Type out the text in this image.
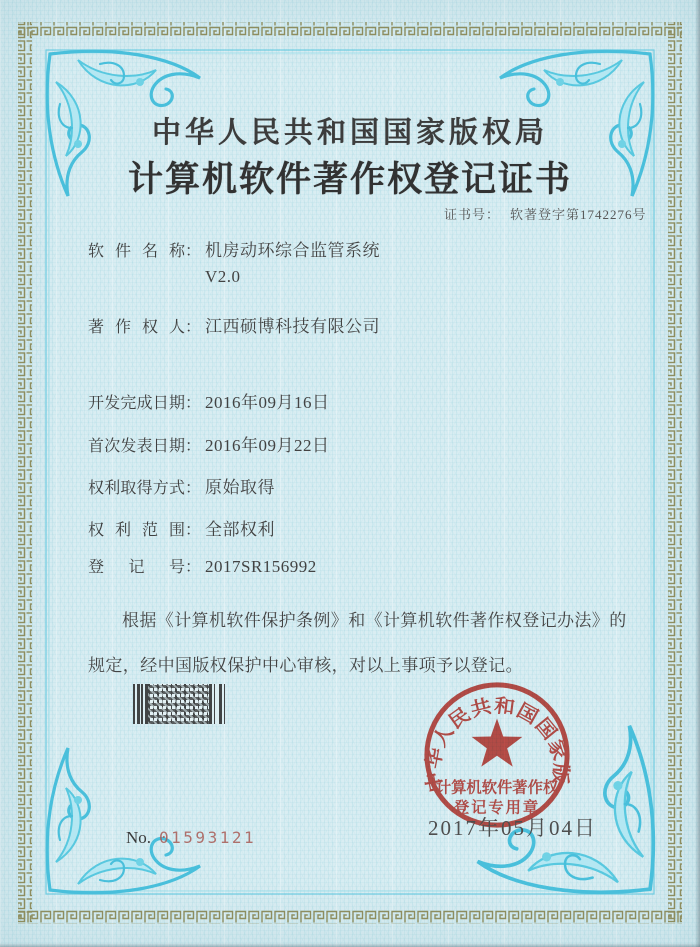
中华人民共和国国家版权局
计算机软件著作权登记证书
证书号： 软著登字第1742276号
软件名称 ： 机房动环综合监管系统
V2.0
著作权人 ： 江西硕博科技有限公司
开发完成日期 ： 2016年09月16日
首次发表日期 ： 2016年09月22日
权利取得方式 ： 原始取得
权利范围 ： 全部权利
登记号 ： 2017SR156992
根据《计算机软件保护条例》和《计算机软件著作权登记办法》的规定，经中国版权保护中心审核，对以上事项予以登记。
中华人民共和国国家版
计算机软件著作权
登记专用章
2017年05月04日
No. 01593121
